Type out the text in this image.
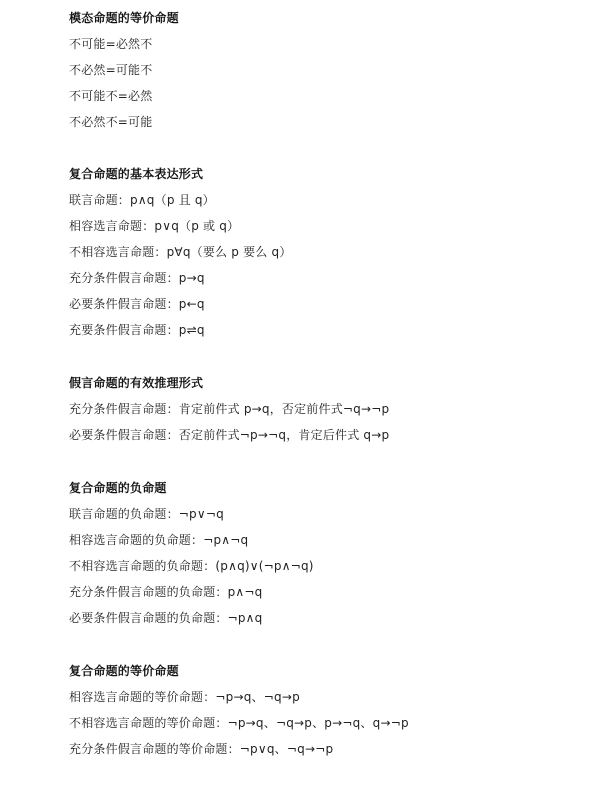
模态命题的等价命题
不可能=必然不
不必然=可能不
不可能不=必然
不必然不=可能
复合命题的基本表达形式
联言命题：p∧q（p 且 q）
相容选言命题：p∨q（p 或 q）
不相容选言命题：p∀q（要么 p 要么 q）
充分条件假言命题：p→q
必要条件假言命题：p←q
充要条件假言命题：p⇌q
假言命题的有效推理形式
充分条件假言命题：肯定前件式 p→q，否定前件式¬q→¬p
必要条件假言命题：否定前件式¬p→¬q，肯定后件式 q→p
复合命题的负命题
联言命题的负命题：¬p∨¬q
相容选言命题的负命题：¬p∧¬q
不相容选言命题的负命题：(p∧q)∨(¬p∧¬q)
充分条件假言命题的负命题：p∧¬q
必要条件假言命题的负命题：¬p∧q
复合命题的等价命题
相容选言命题的等价命题：¬p→q、¬q→p
不相容选言命题的等价命题：¬p→q、¬q→p、p→¬q、q→¬p
充分条件假言命题的等价命题：¬p∨q、¬q→¬p
